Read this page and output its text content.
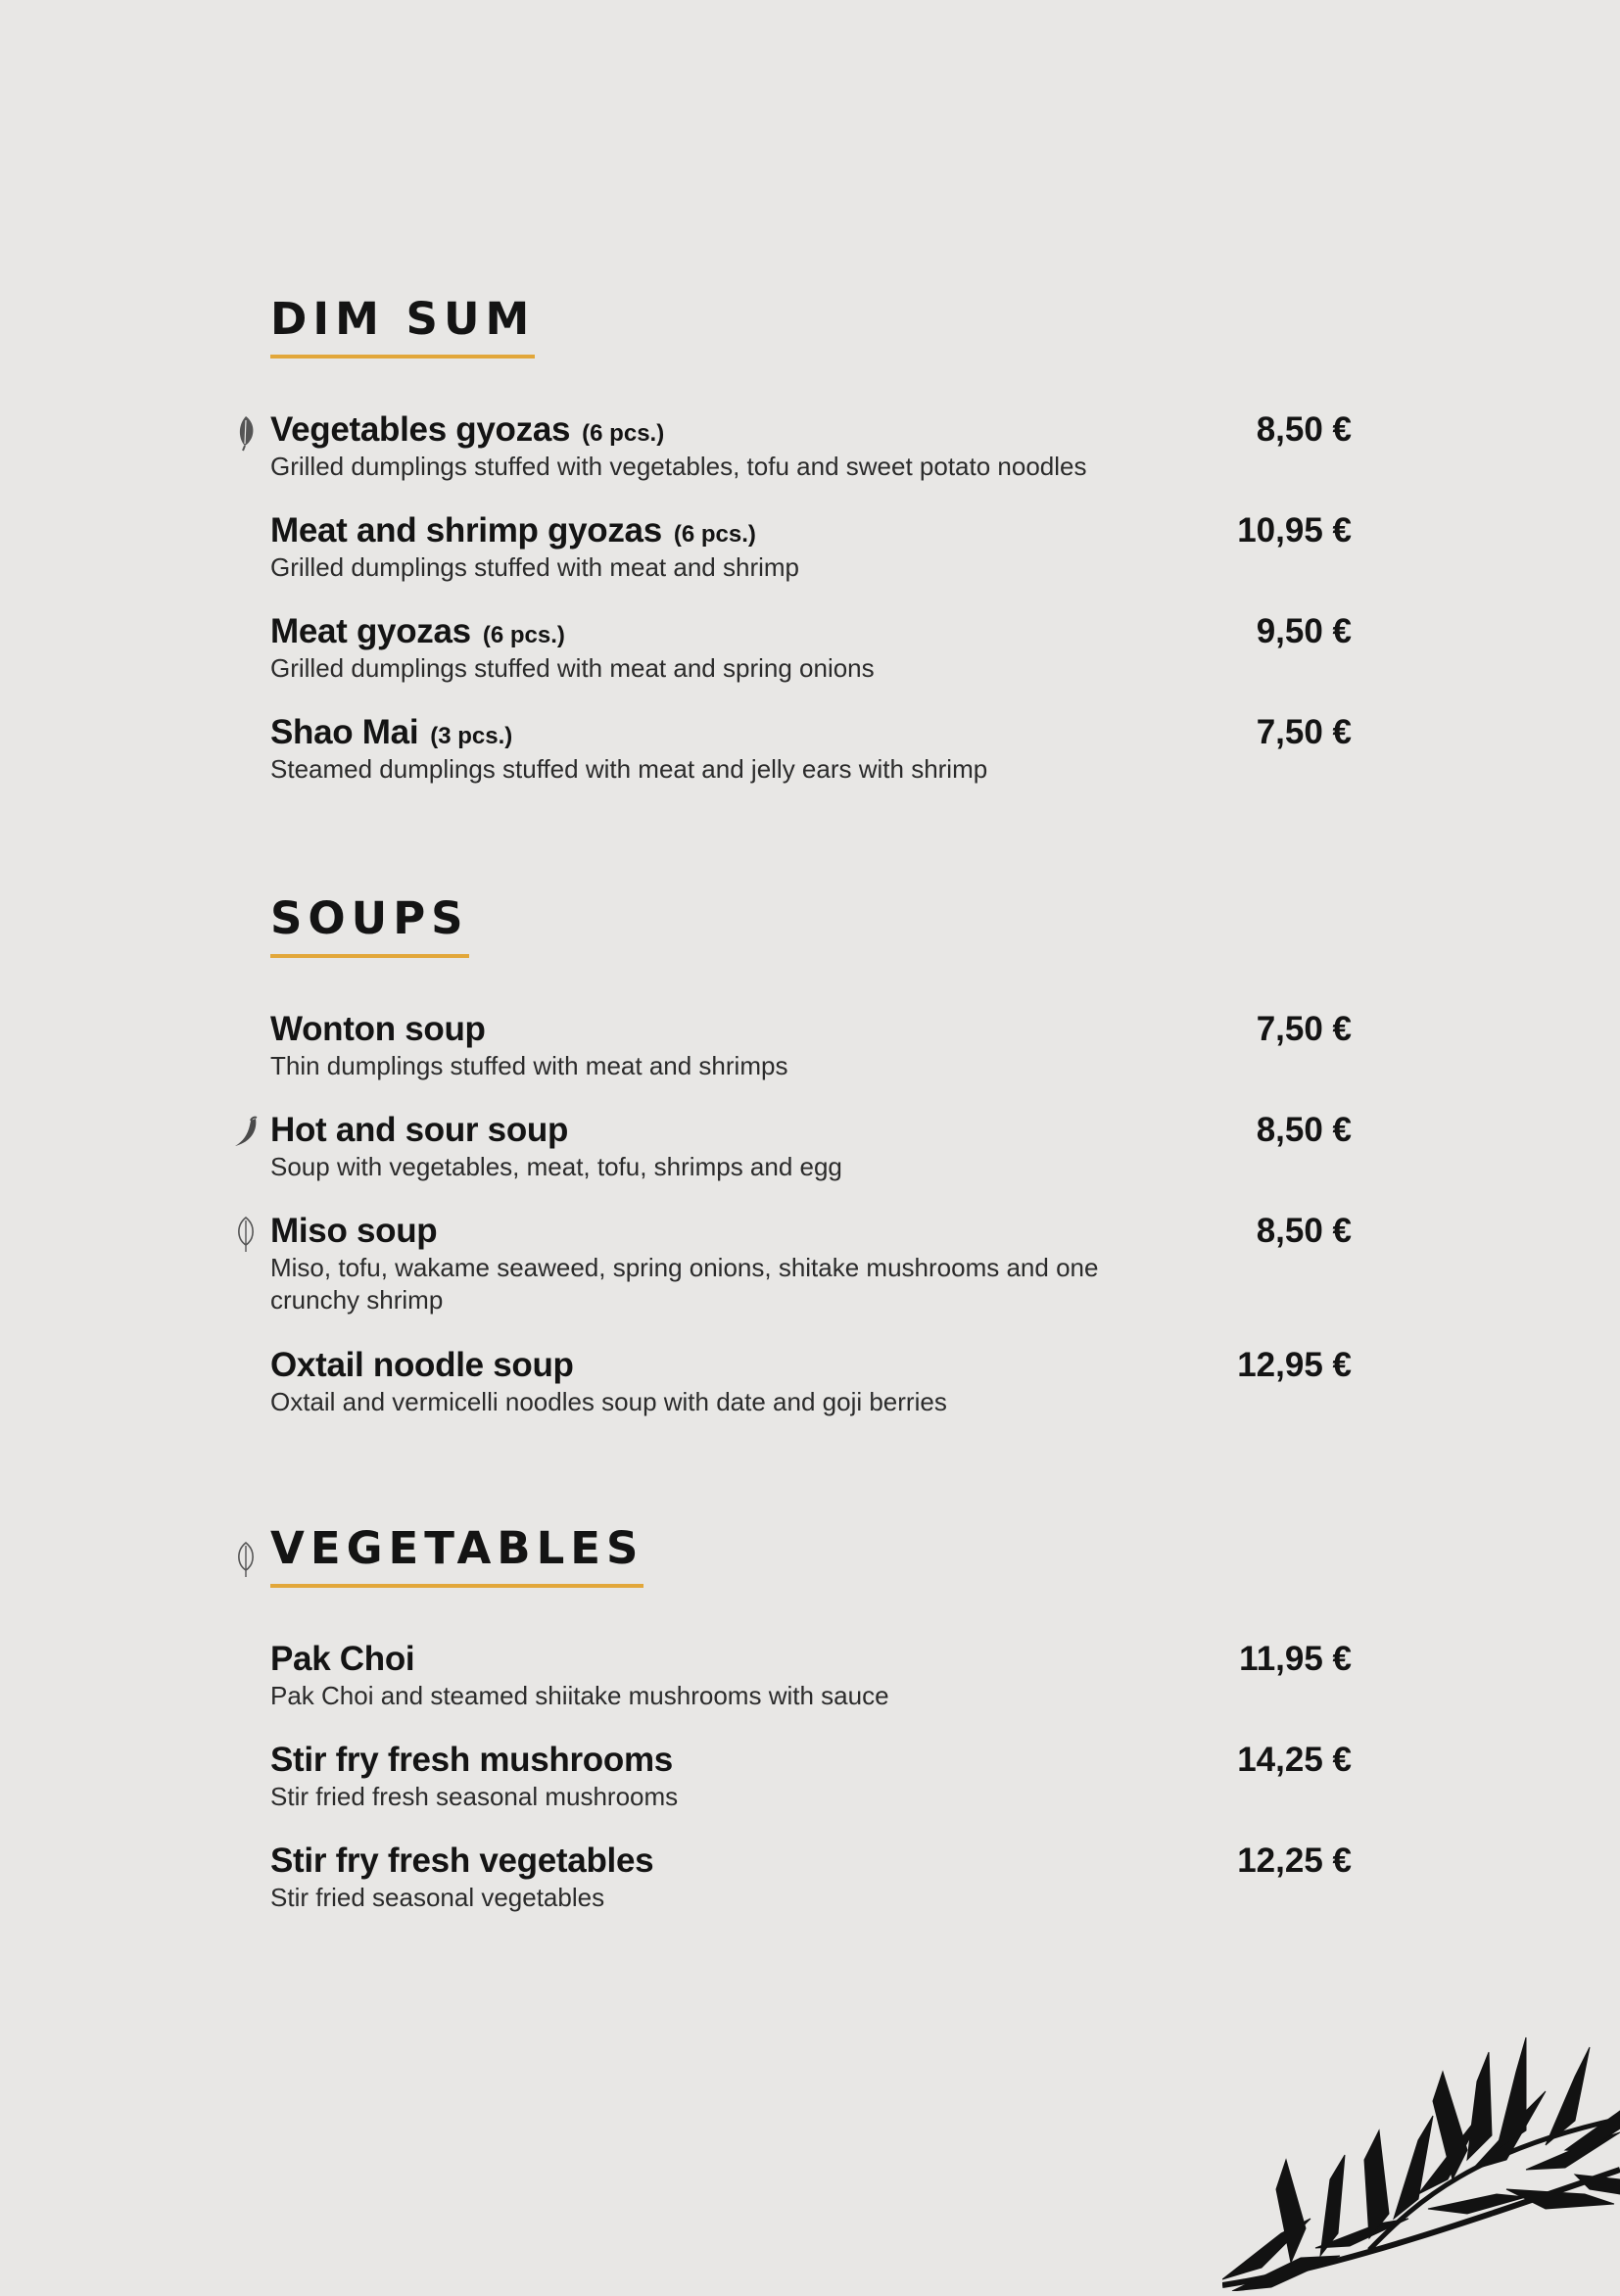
DIM SUM
Vegetables gyozas (6 pcs.)
Grilled dumplings stuffed with vegetables, tofu and sweet potato noodles
8,50 €
Meat and shrimp gyozas (6 pcs.)
Grilled dumplings stuffed with meat and shrimp
10,95 €
Meat gyozas (6 pcs.)
Grilled dumplings stuffed with meat and spring onions
9,50 €
Shao Mai (3 pcs.)
Steamed dumplings stuffed with meat and jelly ears with shrimp
7,50 €
SOUPS
Wonton soup
Thin dumplings stuffed with meat and shrimps
7,50 €
Hot and sour soup
Soup with vegetables, meat, tofu, shrimps and egg
8,50 €
Miso soup
Miso, tofu, wakame seaweed, spring onions, shitake mushrooms and one crunchy shrimp
8,50 €
Oxtail noodle soup
Oxtail and vermicelli noodles soup with date and goji berries
12,95 €
VEGETABLES
Pak Choi
Pak Choi and steamed shiitake mushrooms with sauce
11,95 €
Stir fry fresh mushrooms
Stir fried fresh seasonal mushrooms
14,25 €
Stir fry fresh vegetables
Stir fried seasonal vegetables
12,25 €
